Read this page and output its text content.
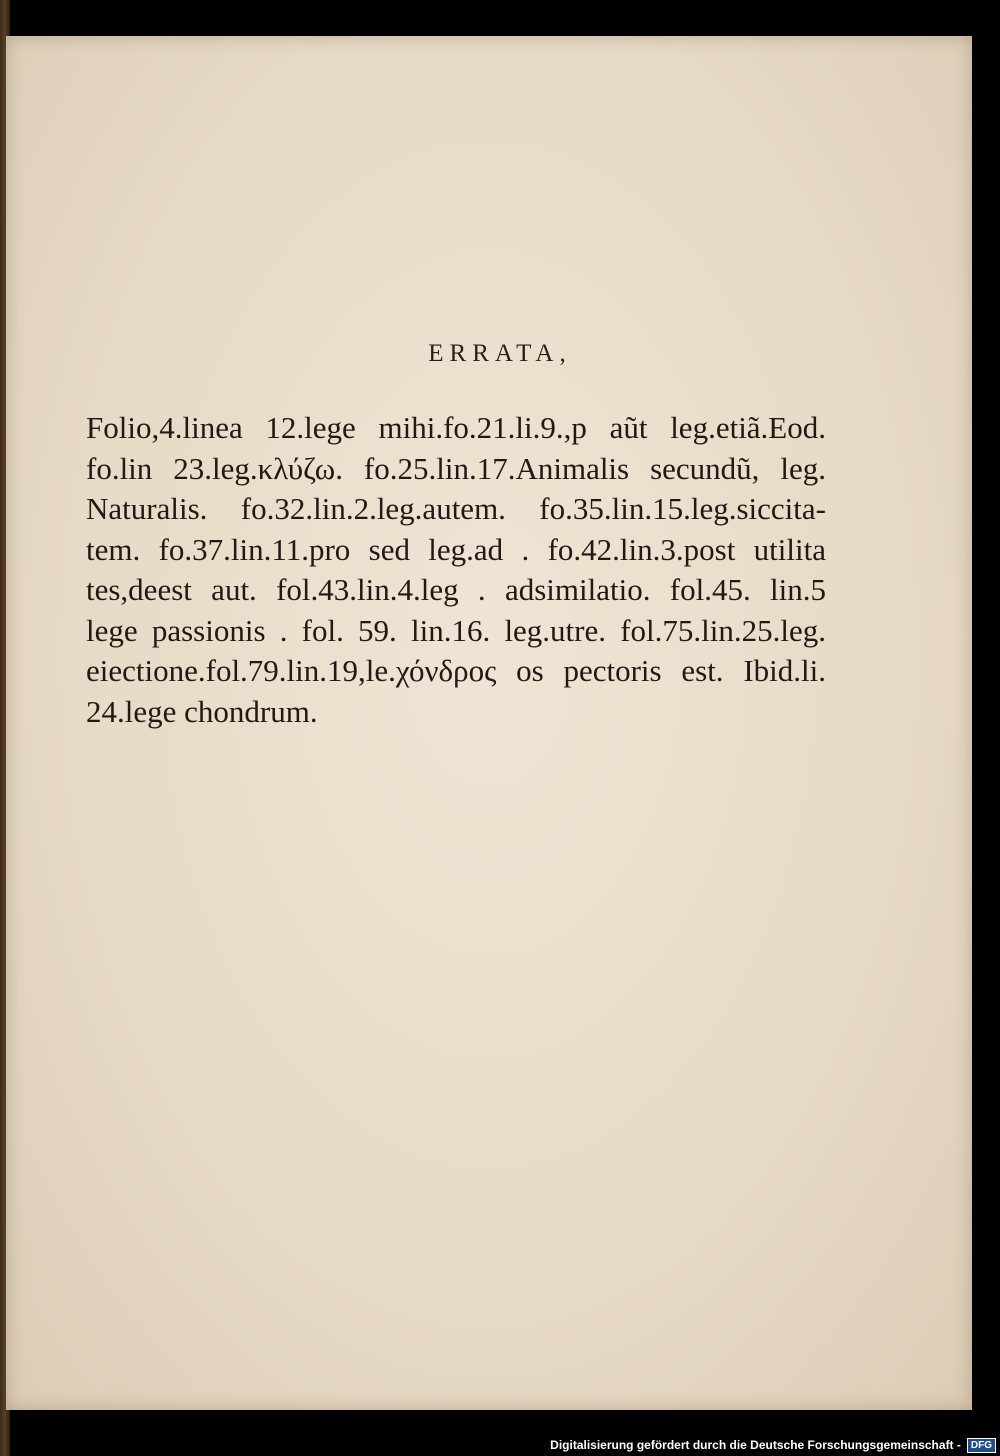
ERRATA,
Folio,4.linea 12.lege mihi.fo.21.li.9.,p aũt leg.etiã.Eod.
fo.lin 23.leg.κλύζω. fo.25.lin.17.Animalis secundũ, leg.
Naturalis. fo.32.lin.2.leg.autem. fo.35.lin.15.leg.siccita-
tem. fo.37.lin.11.pro sed leg.ad . fo.42.lin.3.post utilita
tes,deest aut. fol.43.lin.4.leg . adsimilatio. fol.45. lin.5
lege passionis . fol. 59. lin.16. leg.utre. fol.75.lin.25.leg.
eiectione.fol.79.lin.19,le.χόνδρος os pectoris est. Ibid.li.
24.lege chondrum.
Digitalisierung gefördert durch die Deutsche Forschungsgemeinschaft -	DFG
